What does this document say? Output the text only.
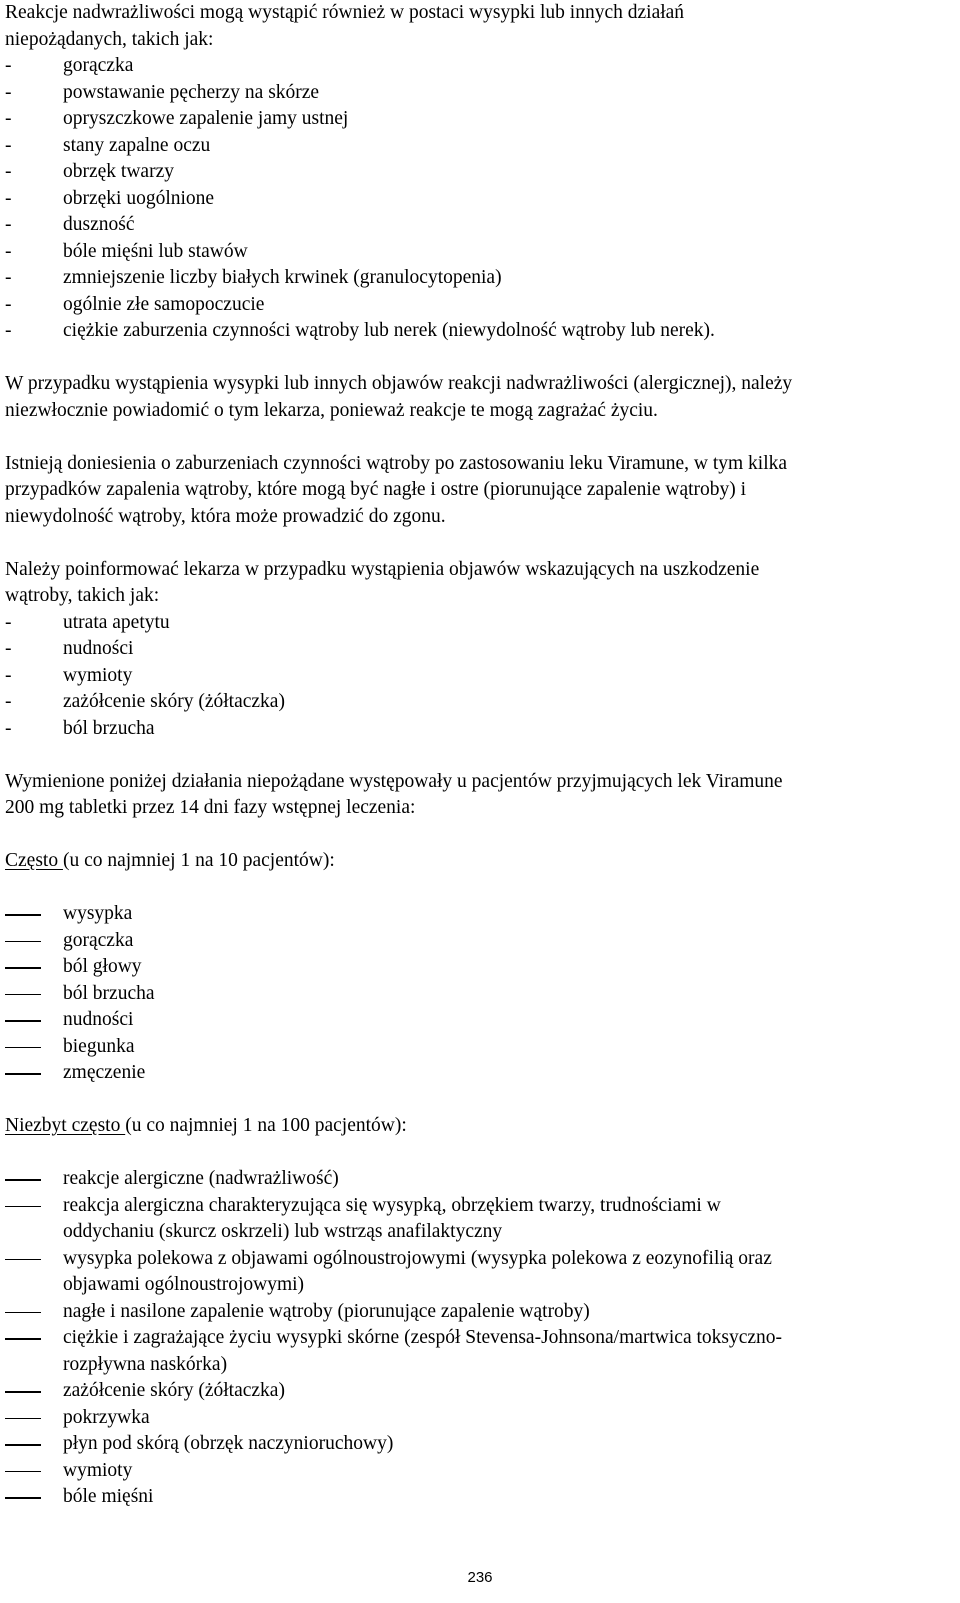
Reakcje nadwrażliwości mogą wystąpić również w postaci wysypki lub innych działań

niepożądanych, takich jak:

-	gorączka
-	powstawanie pęcherzy na skórze
-	opryszczkowe zapalenie jamy ustnej
-	stany zapalne oczu
-	obrzęk twarzy
-	obrzęki uogólnione
-	duszność
-	bóle mięśni lub stawów
-	zmniejszenie liczby białych krwinek (granulocytopenia)
-	ogólnie złe samopoczucie
-	ciężkie zaburzenia czynności wątroby lub nerek (niewydolność wątroby lub nerek).

W przypadku wystąpienia wysypki lub innych objawów reakcji nadwrażliwości (alergicznej), należy

niezwłocznie powiadomić o tym lekarza, ponieważ reakcje te mogą zagrażać życiu.

Istnieją doniesienia o zaburzeniach czynności wątroby po zastosowaniu leku Viramune, w tym kilka

przypadków zapalenia wątroby, które mogą być nagłe i ostre (piorunujące zapalenie wątroby) i

niewydolność wątroby, która może prowadzić do zgonu.

Należy poinformować lekarza w przypadku wystąpienia objawów wskazujących na uszkodzenie

wątroby, takich jak:

-	utrata apetytu
-	nudności
-	wymioty
-	zażółcenie skóry (żółtaczka)
-	ból brzucha

Wymienione poniżej działania niepożądane występowały u pacjentów przyjmujących lek Viramune

200 mg tabletki przez 14 dni fazy wstępnej leczenia:

Często (u co najmniej 1 na 10 pacjentów):

wysypka
gorączka
ból głowy
ból brzucha
nudności
biegunka
zmęczenie

Niezbyt często (u co najmniej 1 na 100 pacjentów):

reakcje alergiczne (nadwrażliwość)
reakcja alergiczna charakteryzująca się wysypką, obrzękiem twarzy, trudnościami w
oddychaniu (skurcz oskrzeli) lub wstrząs anafilaktyczny
wysypka polekowa z objawami ogólnoustrojowymi (wysypka polekowa z eozynofilią oraz
objawami ogólnoustrojowymi)
nagłe i nasilone zapalenie wątroby (piorunujące zapalenie wątroby)
ciężkie i zagrażające życiu wysypki skórne (zespół Stevensa-Johnsona/martwica toksyczno-
rozpływna naskórka)
zażółcenie skóry (żółtaczka)
pokrzywka
płyn pod skórą (obrzęk naczynioruchowy)
wymioty
bóle mięśni
236
